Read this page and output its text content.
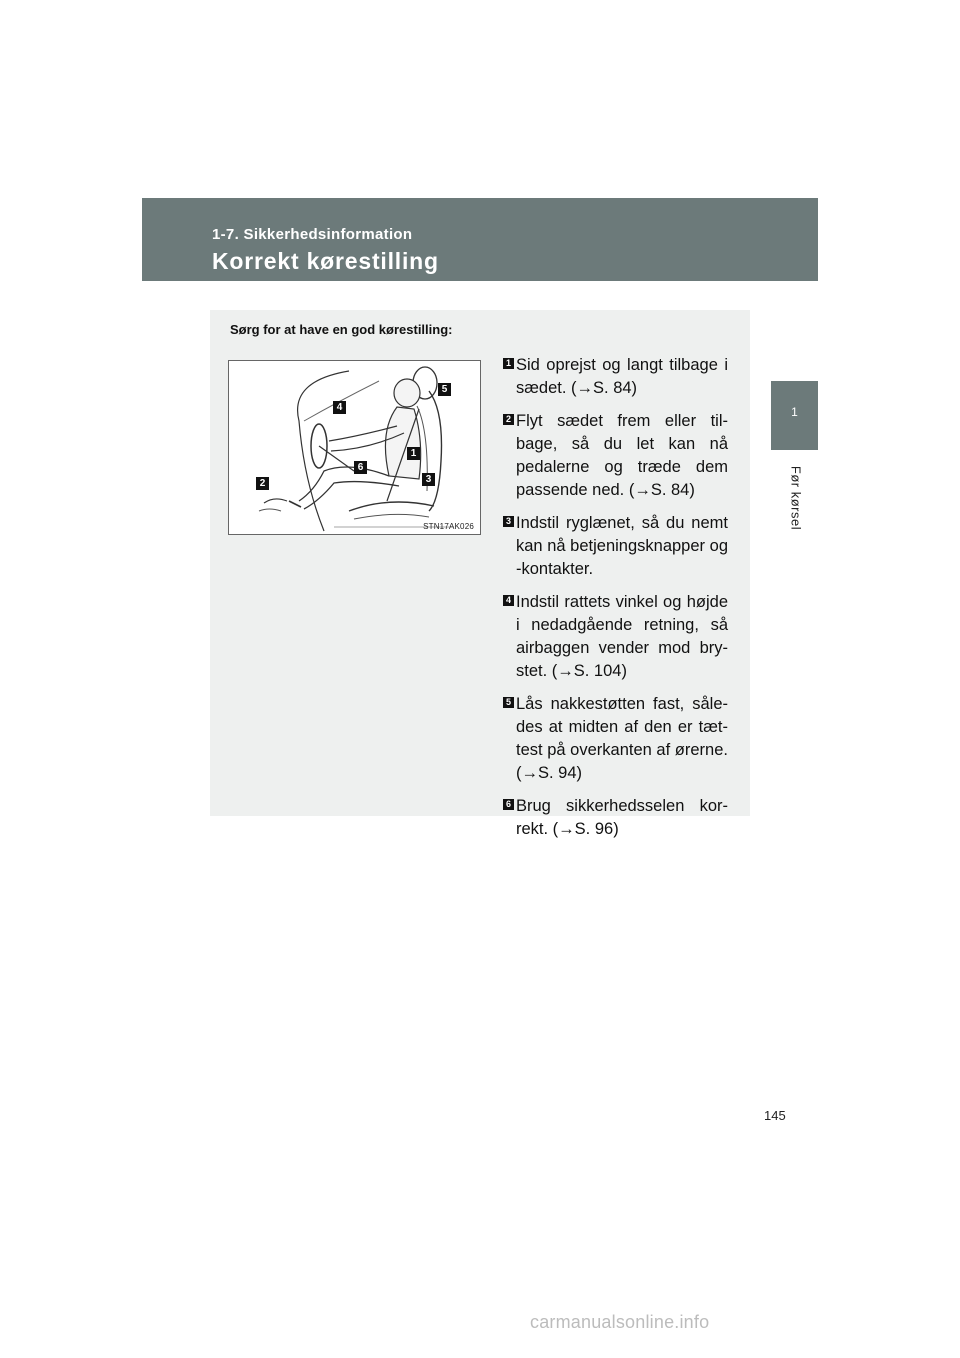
1-7. Sikkerhedsinformation
Korrekt kørestilling
1
Før kørsel
Sørg for at have en god kørestilling:
5
4
1
6
3
2
STN17AK026
1 Sid oprejst og langt tilbage i sædet. (→S. 84)
2 Flyt sædet frem eller til-bage, så du let kan nå pedalerne og træde dem passende ned. (→S. 84)
3 Indstil ryglænet, så du nemt kan nå betjeningsknapper og -kontakter.
4 Indstil rattets vinkel og højde i nedadgående retning, så airbaggen vender mod bry-stet. (→S. 104)
5 Lås nakkestøtten fast, såle-des at midten af den er tæt-test på overkanten af ørerne. (→S. 94)
6 Brug sikkerhedsselen kor-rekt. (→S. 96)
145
carmanualsonline.info
